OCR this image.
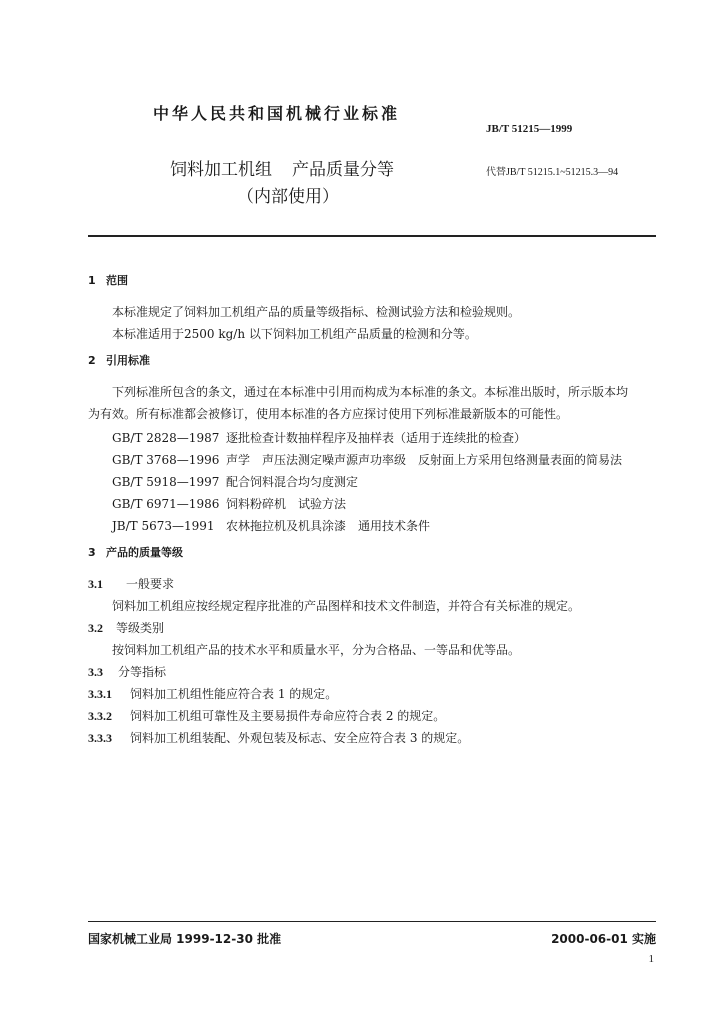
中华人民共和国机械行业标准
JB/T 51215—1999
饲料加工机组 产品质量分等	代替JB/T 51215.1~51215.3—94
（内部使用）
1 范围
本标准规定了饲料加工机组产品的质量等级指标、检测试验方法和检验规则。
本标准适用于2500 kg/h 以下饲料加工机组产品质量的检测和分等。
2 引用标准
下列标准所包含的条文，通过在本标准中引用而构成为本标准的条文。本标准出版时，所示版本均
为有效。所有标准都会被修订，使用本标准的各方应探讨使用下列标准最新版本的可能性。
GB/T 2828—1987 逐批检查计数抽样程序及抽样表（适用于连续批的检查）
GB/T 3768—1996 声学　声压法测定噪声源声功率级　反射面上方采用包络测量表面的简易法
GB/T 5918—1997 配合饲料混合均匀度测定
GB/T 6971—1986 饲料粉碎机　试验方法
JB/T 5673—1991 农林拖拉机及机具涂漆　通用技术条件
3 产品的质量等级
3.1 一般要求
饲料加工机组应按经规定程序批准的产品图样和技术文件制造，并符合有关标准的规定。
3.2 等级类别
按饲料加工机组产品的技术水平和质量水平，分为合格品、一等品和优等品。
3.3 分等指标
3.3.1 饲料加工机组性能应符合表 1 的规定。
3.3.2 饲料加工机组可靠性及主要易损件寿命应符合表 2 的规定。
3.3.3 饲料加工机组装配、外观包装及标志、安全应符合表 3 的规定。
国家机械工业局 1999-12-30 批准	2000-06-01 实施
1
